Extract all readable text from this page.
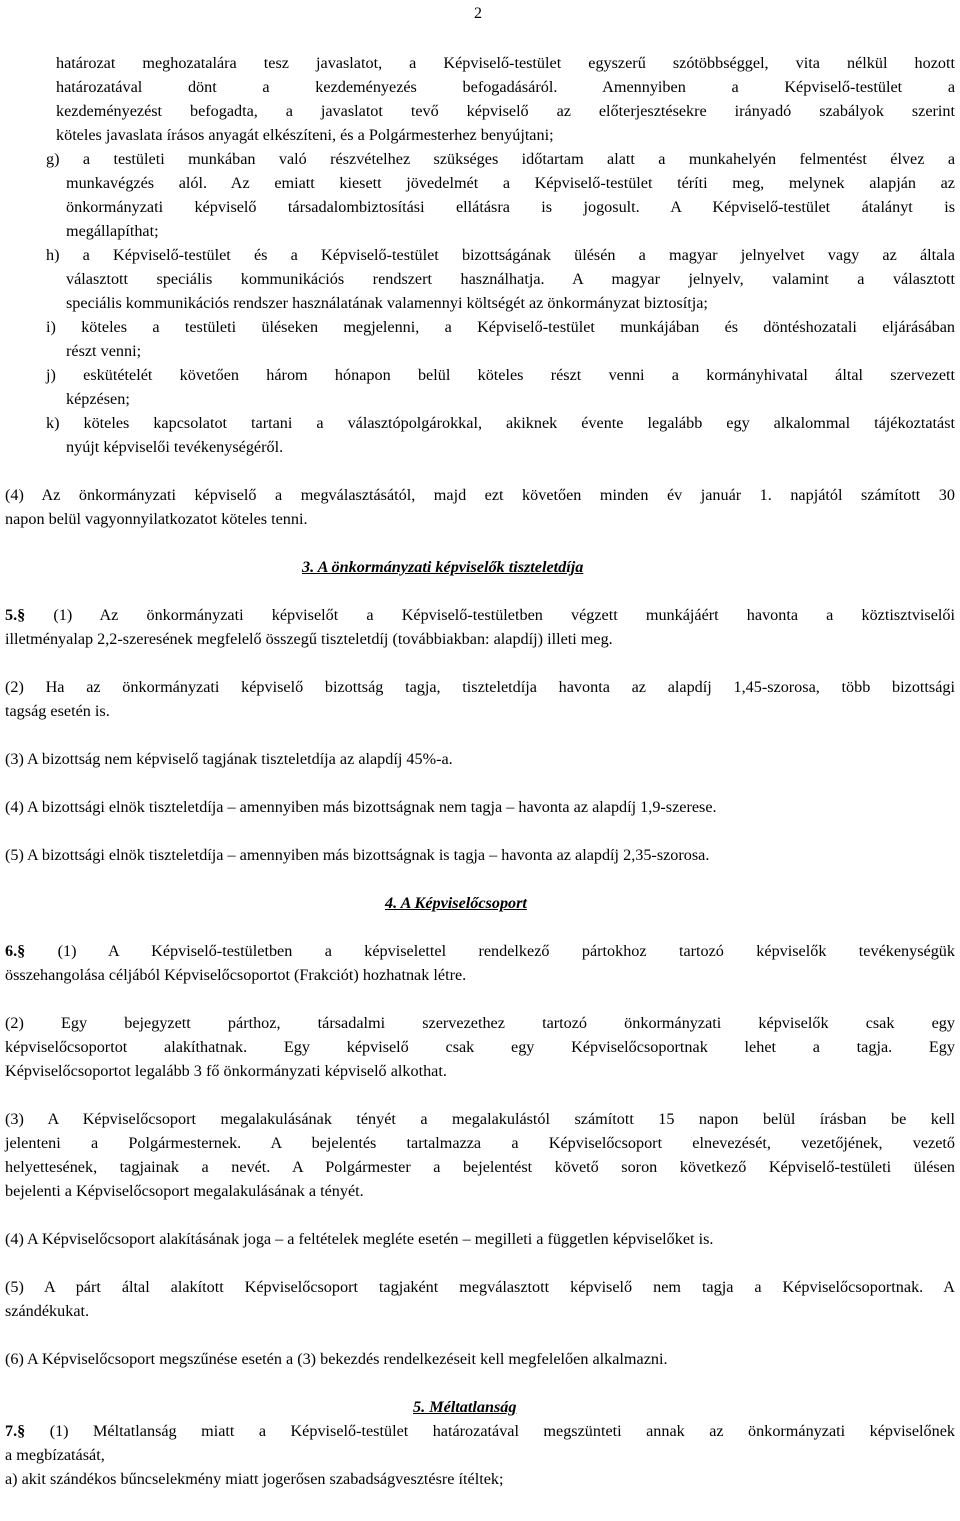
2
határozat meghozatalára tesz javaslatot, a Képviselő-testület egyszerű szótöbbséggel, vita nélkül hozott
határozatával dönt a kezdeményezés befogadásáról. Amennyiben a Képviselő-testület a
kezdeményezést befogadta, a javaslatot tevő képviselő az előterjesztésekre irányadó szabályok szerint
köteles javaslata írásos anyagát elkészíteni, és a Polgármesterhez benyújtani;
g) a testületi munkában való részvételhez szükséges időtartam alatt a munkahelyén felmentést élvez a
munkavégzés alól. Az emiatt kiesett jövedelmét a Képviselő-testület téríti meg, melynek alapján az
önkormányzati képviselő társadalombiztosítási ellátásra is jogosult. A Képviselő-testület átalányt is
megállapíthat;
h) a Képviselő-testület és a Képviselő-testület bizottságának ülésén a magyar jelnyelvet vagy az általa
választott speciális kommunikációs rendszert használhatja. A magyar jelnyelv, valamint a választott
speciális kommunikációs rendszer használatának valamennyi költségét az önkormányzat biztosítja;
i) köteles a testületi üléseken megjelenni, a Képviselő-testület munkájában és döntéshozatali eljárásában
részt venni;
j) esküt​ételét követően három hónapon belül köteles részt venni a kormányhivatal által szervezett
képzésen;
k) köteles kapcsolatot tartani a választópolgárokkal, akiknek évente legalább egy alkalommal tájékoztatást
nyújt képviselői tevékenységéről.
(4) Az önkormányzati képviselő a megválasztásától, majd ezt követően minden év január 1. napjától számított 30
napon belül vagyonnyilatkozatot köteles tenni.
3. A önkormányzati képviselők tiszteletdíja
5.§ (1) Az önkormányzati képviselőt a Képviselő-testületben végzett munkájáért havonta a köztisztviselői
illetményalap 2,2-szeresének megfelelő összegű tiszteletdíj (továbbiakban: alapdíj) illeti meg.
(2) Ha az önkormányzati képviselő bizottság tagja, tiszteletdíja havonta az alapdíj 1,45-szorosa, több bizottsági
tagság esetén is.
(3) A bizottság nem képviselő tagjának tiszteletdíja az alapdíj 45%-a.
(4) A bizottsági elnök tiszteletdíja – amennyiben más bizottságnak nem tagja – havonta az alapdíj 1,9-szerese.
(5) A bizottsági elnök tiszteletdíja – amennyiben más bizottságnak is tagja – havonta az alapdíj 2,35-szorosa.
4. A Képviselőcsoport
6.§ (1) A Képviselő-testületben a képviselettel rendelkező pártokhoz tartozó képviselők tevékenységük
összehangolása céljából Képviselőcsoportot (Frakciót) hozhatnak létre.
(2) Egy bejegyzett párthoz, társadalmi szervezethez tartozó önkormányzati képviselők csak egy
képviselőcsoportot alakíthatnak. Egy képviselő csak egy Képviselőcsoportnak lehet a tagja. Egy
Képviselőcsoportot legalább 3 fő önkormányzati képviselő alkothat.
(3) A Képviselőcsoport megalakulásának tényét a megalakulástól számított 15 napon belül írásban be kell
jelenteni a Polgármesternek. A bejelentés tartalmazza a Képviselőcsoport elnevezését, vezetőjének, vezető
helyettesének, tagjainak a nevét. A Polgármester a bejelentést követő soron következő Képviselő-testületi ülésen
bejelenti a Képviselőcsoport megalakulásának a tényét.
(4) A Képviselőcsoport alakításának joga – a feltételek megléte esetén – megilleti a független képviselőket is.
(5) A párt által alakított Képviselőcsoport tagjaként megválasztott képviselő nem tagja a Képviselőcsoportnak. A
szándékukat.
(6) A Képviselőcsoport megszűnése esetén a (3) bekezdés rendelkezéseit kell megfelelően alkalmazni.
5. Méltatlanság
7.§ (1) Méltatlanság miatt a Képviselő-testület határozatával megszünteti annak az önkormányzati képviselőnek
a megbízatását,
a) akit szándékos bűncselekmény miatt jogerősen szabadságvesztésre ítéltek;
